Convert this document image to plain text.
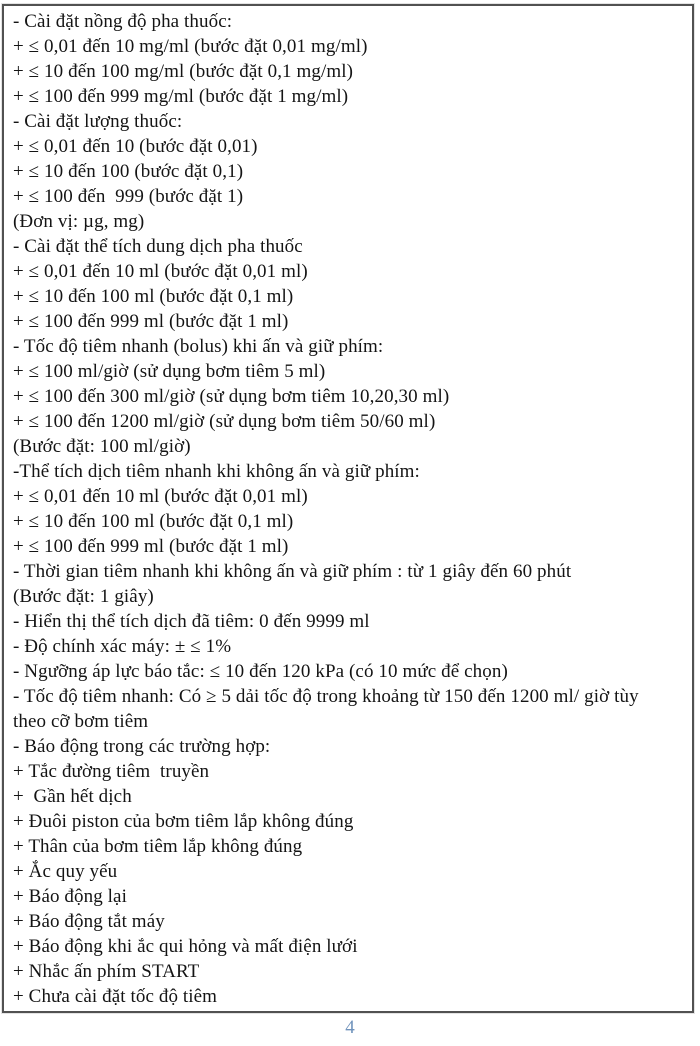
- Cài đặt nồng độ pha thuốc:
+ ≤ 0,01 đến 10 mg/ml (bước đặt 0,01 mg/ml)
+ ≤ 10 đến 100 mg/ml (bước đặt 0,1 mg/ml)
+ ≤ 100 đến 999 mg/ml (bước đặt 1 mg/ml)
- Cài đặt lượng thuốc:
+ ≤ 0,01 đến 10 (bước đặt 0,01)
+ ≤ 10 đến 100 (bước đặt 0,1)
+ ≤ 100 đến  999 (bước đặt 1)
(Đơn vị: µg, mg)
- Cài đặt thể tích dung dịch pha thuốc
+ ≤ 0,01 đến 10 ml (bước đặt 0,01 ml)
+ ≤ 10 đến 100 ml (bước đặt 0,1 ml)
+ ≤ 100 đến 999 ml (bước đặt 1 ml)
- Tốc độ tiêm nhanh (bolus) khi ấn và giữ phím:
+ ≤ 100 ml/giờ (sử dụng bơm tiêm 5 ml)
+ ≤ 100 đến 300 ml/giờ (sử dụng bơm tiêm 10,20,30 ml)
+ ≤ 100 đến 1200 ml/giờ (sử dụng bơm tiêm 50/60 ml)
(Bước đặt: 100 ml/giờ)
-Thể tích dịch tiêm nhanh khi không ấn và giữ phím:
+ ≤ 0,01 đến 10 ml (bước đặt 0,01 ml)
+ ≤ 10 đến 100 ml (bước đặt 0,1 ml)
+ ≤ 100 đến 999 ml (bước đặt 1 ml)
- Thời gian tiêm nhanh khi không ấn và giữ phím : từ 1 giây đến 60 phút
(Bước đặt: 1 giây)
- Hiển thị thể tích dịch đã tiêm: 0 đến 9999 ml
- Độ chính xác máy: ± ≤ 1%
- Ngưỡng áp lực báo tắc: ≤ 10 đến 120 kPa (có 10 mức để chọn)
- Tốc độ tiêm nhanh: Có ≥ 5 dải tốc độ trong khoảng từ 150 đến 1200 ml/ giờ tùy
theo cỡ bơm tiêm
- Báo động trong các trường hợp:
+ Tắc đường tiêm  truyền
+  Gần hết dịch
+ Đuôi piston của bơm tiêm lắp không đúng
+ Thân của bơm tiêm lắp không đúng
+ Ắc quy yếu
+ Báo động lại
+ Báo động tắt máy
+ Báo động khi ắc qui hỏng và mất điện lưới
+ Nhắc ấn phím START
+ Chưa cài đặt tốc độ tiêm
4
